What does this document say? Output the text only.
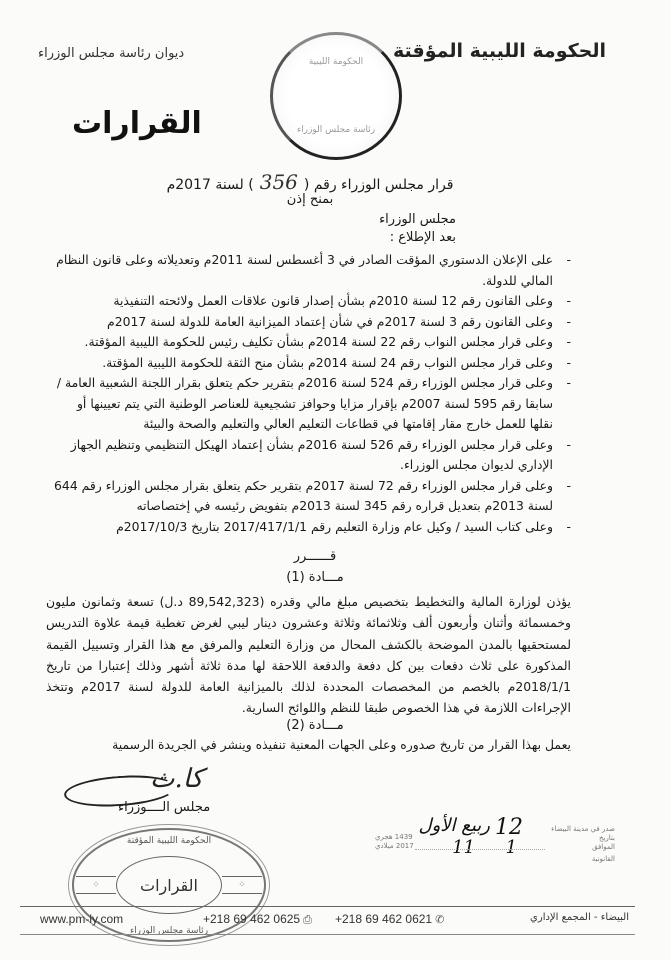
الحكومة الليبية المؤقتة
ديوان رئاسة مجلس الوزراء
القرارات
الحكومة الليبية
رئاسة مجلس الوزراء
قرار مجلس الوزراء رقم (356) لسنة 2017م
بمنح إذن
مجلس الوزراء
بعد الإطلاع :

-
على الإعلان الدستوري المؤقت الصادر في 3 أغسطس لسنة 2011م وتعديلاته وعلى قانون النظام المالي للدولة.

-
وعلى القانون رقم 12 لسنة 2010م بشأن إصدار قانون علاقات العمل ولائحته التنفيذية

-
وعلى القانون رقم 3 لسنة 2017م في شأن إعتماد الميزانية العامة للدولة لسنة 2017م

-
وعلى قرار مجلس النواب رقم 22 لسنة 2014م بشأن تكليف رئيس للحكومة الليبية المؤقتة.

-
وعلى قرار مجلس النواب رقم 24 لسنة 2014م بشأن منح الثقة للحكومة الليبية المؤقتة.

-
وعلى قرار مجلس الوزراء رقم 524 لسنة 2016م بتقرير حكم يتعلق بقرار اللجنة الشعبية العامة / سابقا رقم 595 لسنة 2007م بإقرار مزايا وحوافز تشجيعية للعناصر الوطنية التي يتم تعيينها أو نقلها للعمل خارج مقار إقامتها في قطاعات التعليم العالي والتعليم والصحة والبيئة

-
وعلى قرار مجلس الوزراء رقم 526 لسنة 2016م بشأن إعتماد الهيكل التنظيمي وتنظيم الجهاز الإداري لديوان مجلس الوزراء.

-
وعلى قرار مجلس الوزراء رقم 72 لسنة 2017م بتقرير حكم يتعلق بقرار مجلس الوزراء رقم 644 لسنة 2013م بتعديل قراره رقم 345 لسنة 2013م بتفويض رئيسه في إختصاصاته

-
وعلى كتاب السيد / وكيل عام وزارة التعليم رقم 2017/417/1/1 بتاريخ 2017/10/3م

قــــــرر
مـــادة (1)
يؤذن لوزارة المالية والتخطيط بتخصيص مبلغ مالي وقدره (89,542,323 د.ل) تسعة وثمانون مليون وخمسمائة وأثنان وأربعون ألف وثلاثمائة وثلاثة وعشرون دينار ليبي لغرض تغطية قيمة علاوة التدريس لمستحقيها بالمدن الموضحة بالكشف المحال من وزارة التعليم والمرفق مع هذا القرار وتسييل القيمة المذكورة على ثلاث دفعات بين كل دفعة والدفعة اللاحقة لها مدة ثلاثة أشهر وذلك إعتبارا من تاريخ 2018/1/1م بالخصم من المخصصات المحددة لذلك بالميزانية العامة للدولة لسنة 2017م وتتخذ الإجراءات اللازمة في هذا الخصوص طبقا للنظم واللوائح السارية.
مـــادة (2)
يعمل بهذا القرار من تاريخ صدوره وعلى الجهات المعنية تنفيذه وينشر في الجريدة الرسمية
كا.ث
مجلس الــــوزراء
الحكومة الليبية المؤقتة
⁘	القرارات	⁘
رئاسة مجلس الوزراء
صدر في مدينة البيضاء
بتاريخ
الموافق
12
ربيع الأول
1
11
1439 هجري
2017 ميلادي
القانونية
www.pm-ly.com	+218 69 462 0625 ⎙ +218 69 462 0621 ✆	البيضاء - المجمع الإداري
